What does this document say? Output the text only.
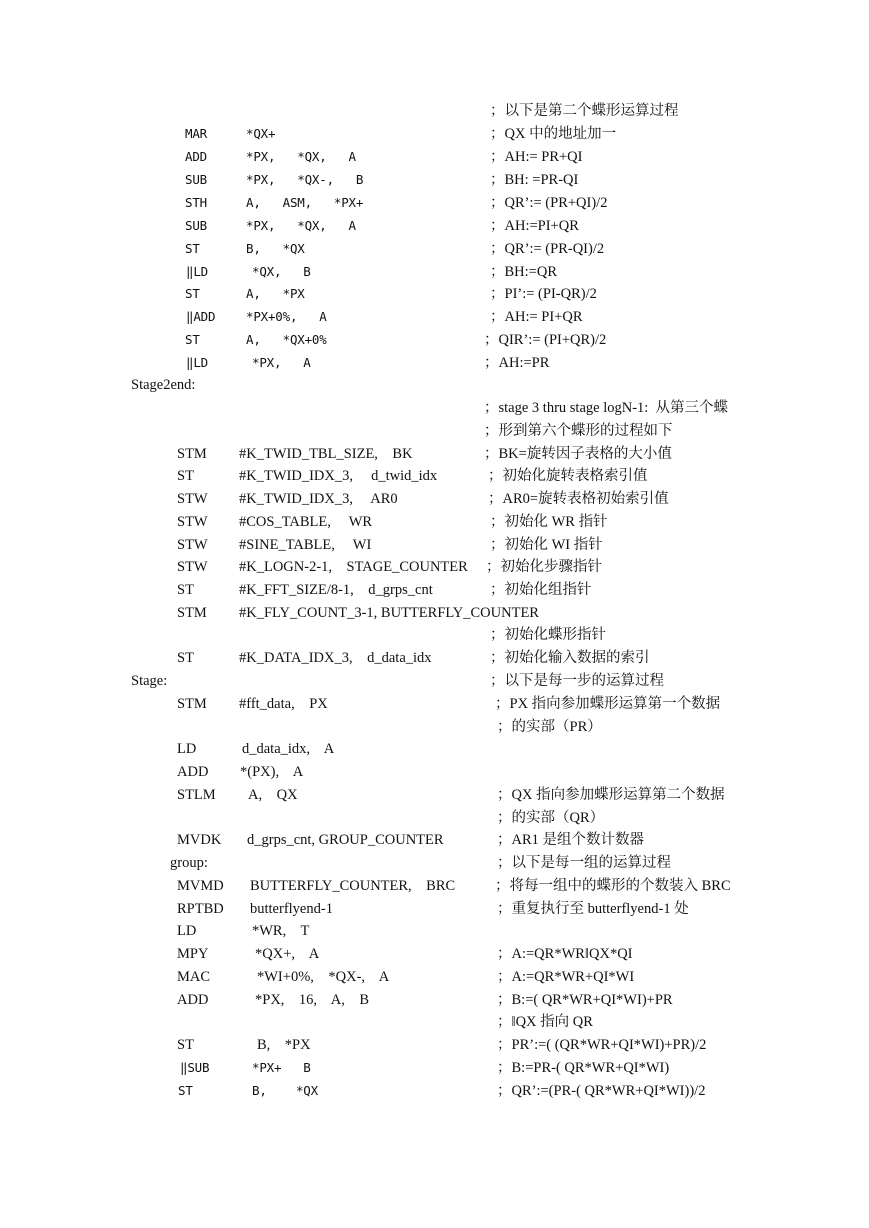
；以下是第二个蝶形运算过程
MAR	*QX+	；QX 中的地址加一
ADD	*PX,   *QX,   A	；AH:= PR+QI
SUB	*PX,   *QX-,   B	；BH: =PR-QI
STH	A,   ASM,   *PX+	；QR’:= (PR+QI)/2
SUB	*PX,   *QX,   A	；AH:=PI+QR
ST	B,   *QX	；QR’:= (PR-QI)/2
‖LD	*QX,   B	；BH:=QR
ST	A,   *PX	；PI’:= (PI-QR)/2
‖ADD *PX+0%,   A	；AH:= PI+QR
ST	A,   *QX+0%	；QIR’:= (PI+QR)/2
‖LD	*PX,   A	；AH:=PR
Stage2end:
；stage 3 thru stage logN-1:  从第三个蝶
；形到第六个蝶形的过程如下
STM #K_TWID_TBL_SIZE,    BK	；BK=旋转因子表格的大小值
ST	#K_TWID_IDX_3,     d_twid_idx	；初始化旋转表格索引值
STW #K_TWID_IDX_3,     AR0	；AR0=旋转表格初始索引值
STW #COS_TABLE,     WR	；初始化 WR 指针
STW #SINE_TABLE,     WI	；初始化 WI 指针
STW #K_LOGN-2-1,    STAGE_COUNTER ；初始化步骤指针
ST	#K_FFT_SIZE/8-1,    d_grps_cnt	；初始化组指针
STM #K_FLY_COUNT_3-1, BUTTERFLY_COUNTER
；初始化蝶形指针
ST	#K_DATA_IDX_3,    d_data_idx	；初始化输入数据的索引
Stage:	；以下是每一步的运算过程
STM #fft_data,    PX	；PX 指向参加蝶形运算第一个数据
；的实部（PR）
LD	d_data_idx,    A
ADD *(PX),    A
STLM A,    QX	；QX 指向参加蝶形运算第二个数据
；的实部（QR）
MVDK d_grps_cnt, GROUP_COUNTER	；AR1 是组个数计数器
group:	；以下是每一组的运算过程
MVMD BUTTERFLY_COUNTER,    BRC	；将每一组中的蝶形的个数装入 BRC
RPTBD butterflyend-1	；重复执行至 butterflyend-1 处
LD	*WR,    T
MPY	*QX+,    A	；A:=QR*WR‖QX*QI
MAC	*WI+0%,    *QX-,    A	；A:=QR*WR+QI*WI
ADD	*PX,    16,    A,    B	；B:=( QR*WR+QI*WI)+PR
；‖QX 指向 QR
ST	B,    *PX	；PR’:=( (QR*WR+QI*WI)+PR)/2
‖SUB	*PX+   B	；B:=PR-( QR*WR+QI*WI)
ST	B,    *QX	；QR’:=(PR-( QR*WR+QI*WI))/2
